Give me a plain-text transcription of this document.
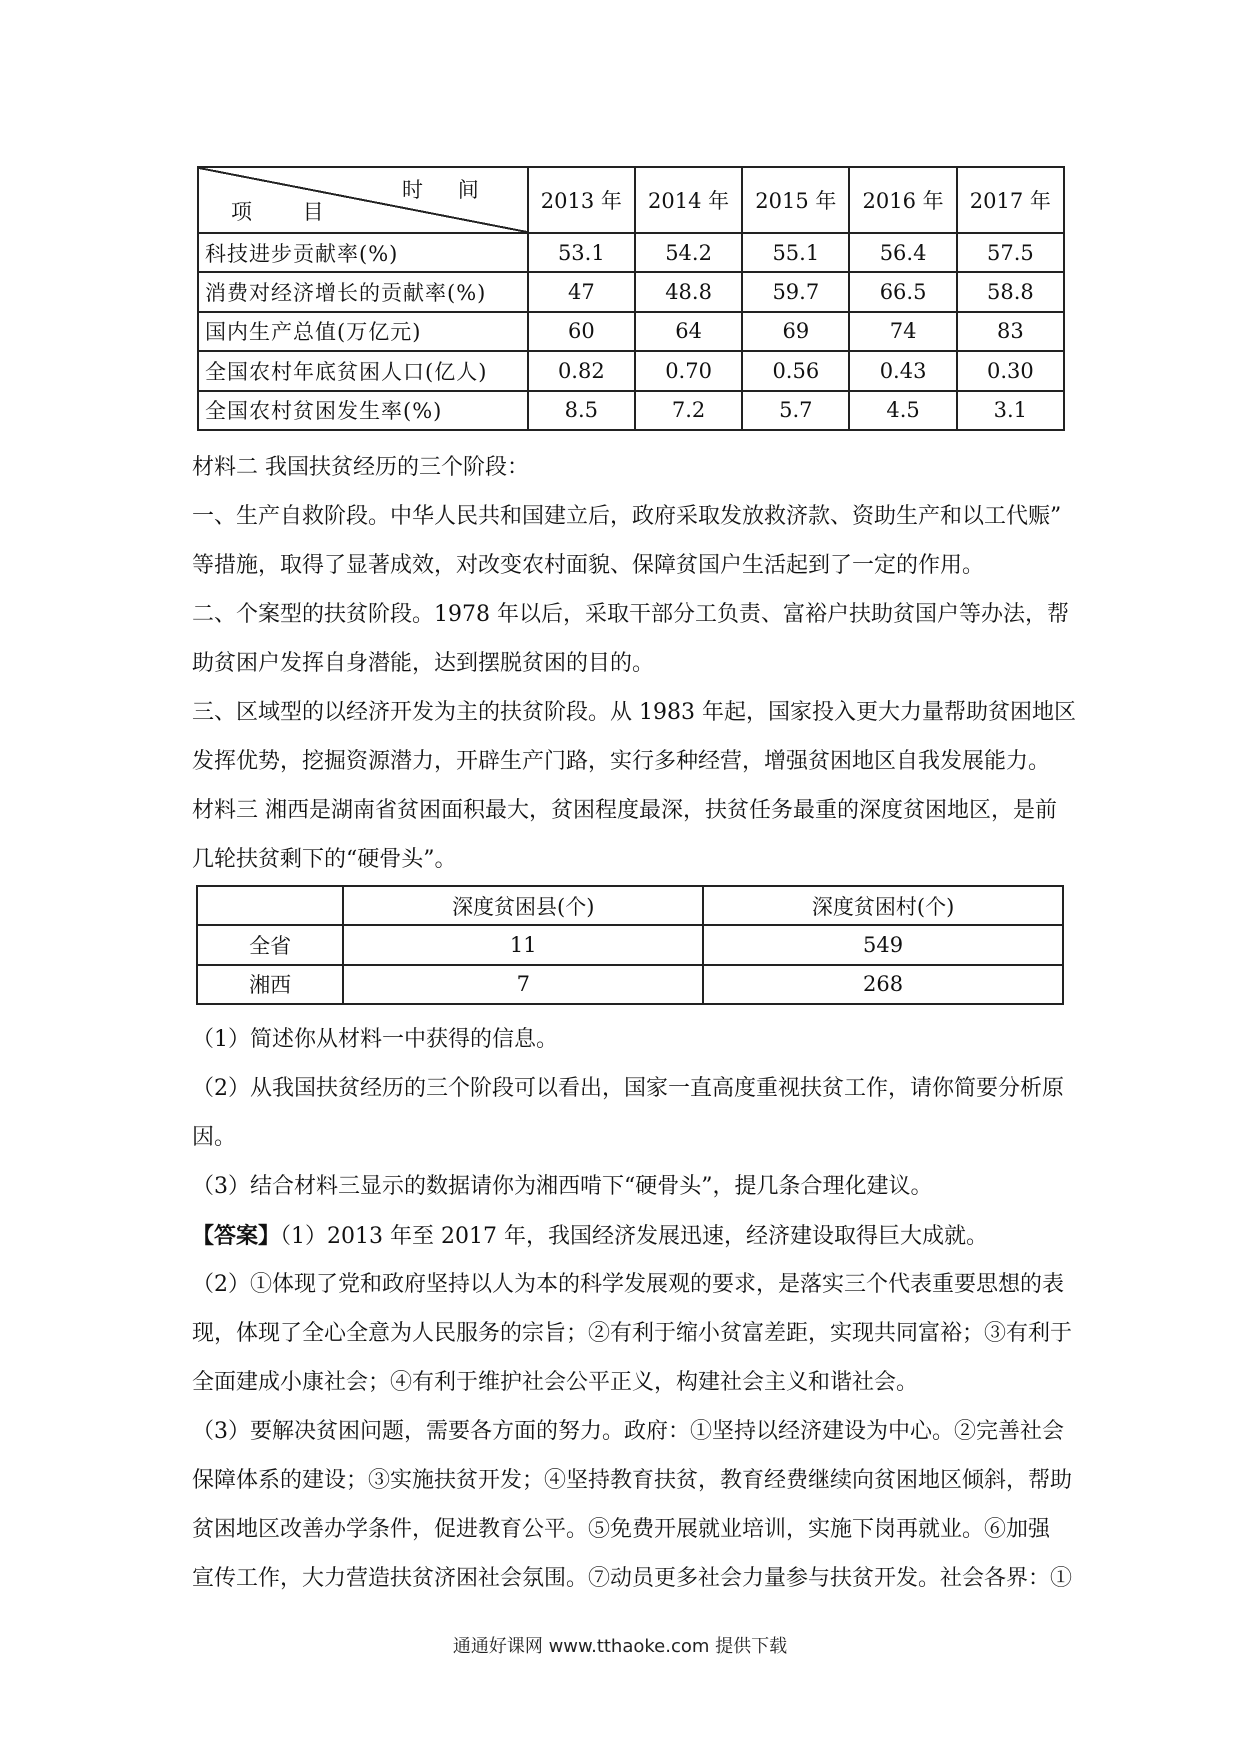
时 间
项 目	2013 年	2014 年	2015 年	2016 年	2017 年
科技进步贡献率(%)	53.1	54.2	55.1	56.4	57.5
消费对经济增长的贡献率(%)	47	48.8	59.7	66.5	58.8
国内生产总值(万亿元)	60	64	69	74	83
全国农村年底贫困人口(亿人)	0.82	0.70	0.56	0.43	0.30
全国农村贫困发生率(%)	8.5	7.2	5.7	4.5	3.1

材料二 我国扶贫经历的三个阶段：

一、生产自救阶段。中华人民共和国建立后，政府采取发放救济款、资助生产和以工代赈”

等措施，取得了显著成效，对改变农村面貌、保障贫国户生活起到了一定的作用。

二、个案型的扶贫阶段。1978 年以后，采取干部分工负责、富裕户扶助贫国户等办法，帮

助贫困户发挥自身潜能，达到摆脱贫困的目的。

三、区域型的以经济开发为主的扶贫阶段。从 1983 年起，国家投入更大力量帮助贫困地区

发挥优势，挖掘资源潜力，开辟生产门路，实行多种经营，增强贫困地区自我发展能力。

材料三 湘西是湖南省贫困面积最大，贫困程度最深，扶贫任务最重的深度贫困地区，是前

几轮扶贫剩下的“硬骨头”。

	深度贫困县(个)	深度贫困村(个)
全省	11	549
湘西	7	268

（1）简述你从材料一中获得的信息。

（2）从我国扶贫经历的三个阶段可以看出，国家一直高度重视扶贫工作，请你简要分析原

因。

（3）结合材料三显示的数据请你为湘西啃下“硬骨头”，提几条合理化建议。

【答案】（1）2013 年至 2017 年，我国经济发展迅速，经济建设取得巨大成就。

（2）①体现了党和政府坚持以人为本的科学发展观的要求，是落实三个代表重要思想的表

现，体现了全心全意为人民服务的宗旨；②有利于缩小贫富差距，实现共同富裕；③有利于

全面建成小康社会；④有利于维护社会公平正义，构建社会主义和谐社会。

（3）要解决贫困问题，需要各方面的努力。政府：①坚持以经济建设为中心。②完善社会

保障体系的建设；③实施扶贫开发；④坚持教育扶贫，教育经费继续向贫困地区倾斜，帮助

贫困地区改善办学条件，促进教育公平。⑤免费开展就业培训，实施下岗再就业。⑥加强

宣传工作，大力营造扶贫济困社会氛围。⑦动员更多社会力量参与扶贫开发。社会各界：①

通通好课网 www.tthaoke.com 提供下载
